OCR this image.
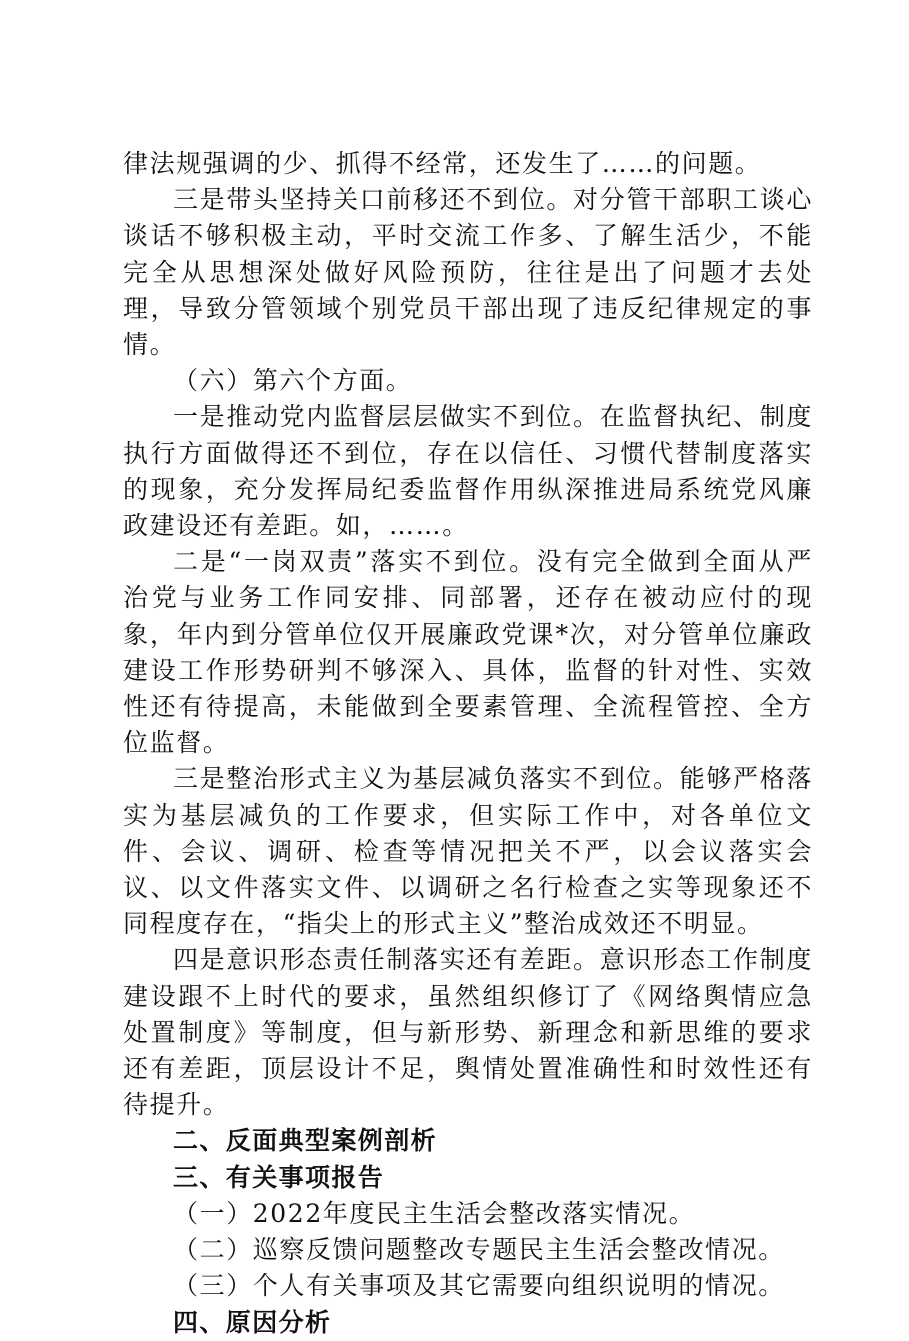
律法规强调的少、抓得不经常，还发生了……的问题。

三是带头坚持关口前移还不到位。对分管干部职工谈心谈话不够积极主动，平时交流工作多、了解生活少，不能完全从思想深处做好风险预防，往往是出了问题才去处理，导致分管领域个别党员干部出现了违反纪律规定的事情。

（六）第六个方面。

一是推动党内监督层层做实不到位。在监督执纪、制度执行方面做得还不到位，存在以信任、习惯代替制度落实的现象，充分发挥局纪委监督作用纵深推进局系统党风廉政建设还有差距。如，……。

二是“一岗双责”落实不到位。没有完全做到全面从严治党与业务工作同安排、同部署，还存在被动应付的现象，年内到分管单位仅开展廉政党课*次，对分管单位廉政建设工作形势研判不够深入、具体，监督的针对性、实效性还有待提高，未能做到全要素管理、全流程管控、全方位监督。

三是整治形式主义为基层减负落实不到位。能够严格落实为基层减负的工作要求，但实际工作中，对各单位文件、会议、调研、检查等情况把关不严，以会议落实会议、以文件落实文件、以调研之名行检查之实等现象还不同程度存在，“指尖上的形式主义”整治成效还不明显。

四是意识形态责任制落实还有差距。意识形态工作制度建设跟不上时代的要求，虽然组织修订了《网络舆情应急处置制度》等制度，但与新形势、新理念和新思维的要求还有差距，顶层设计不足，舆情处置准确性和时效性还有待提升。

二、反面典型案例剖析

三、有关事项报告

（一）2022年度民主生活会整改落实情况。

（二）巡察反馈问题整改专题民主生活会整改情况。

（三）个人有关事项及其它需要向组织说明的情况。

四、原因分析
